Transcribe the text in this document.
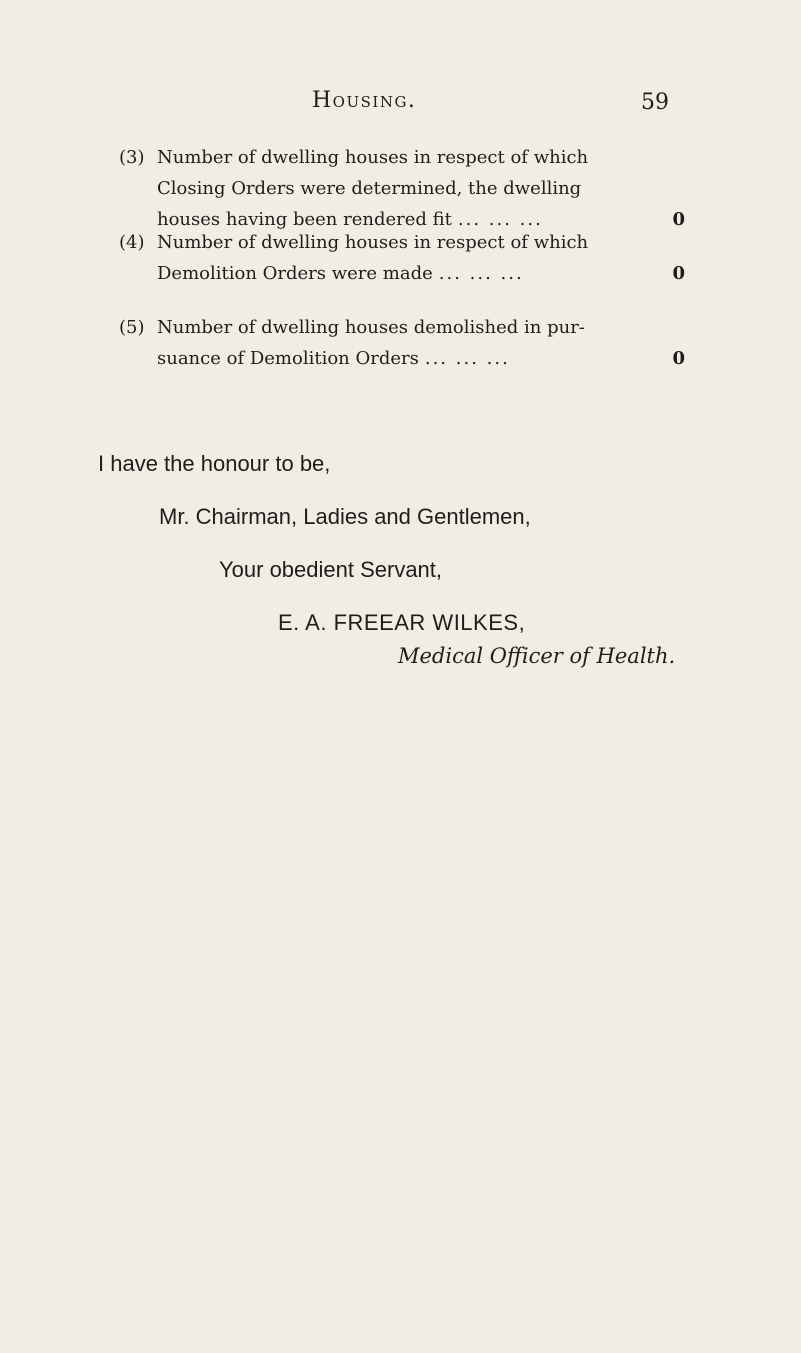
Housing.	59
(3) Number of dwelling houses in respect of which
Closing Orders were determined, the dwelling
houses having been rendered fit ... ... ...	0
(4) Number of dwelling houses in respect of which
Demolition Orders were made ... ... ...	0
(5) Number of dwelling houses demolished in pur-
suance of Demolition Orders ... ... ...	0
I have the honour to be,
Mr. Chairman, Ladies and Gentlemen,
Your obedient Servant,
E. A. FREEAR WILKES,
Medical Officer of Health.
